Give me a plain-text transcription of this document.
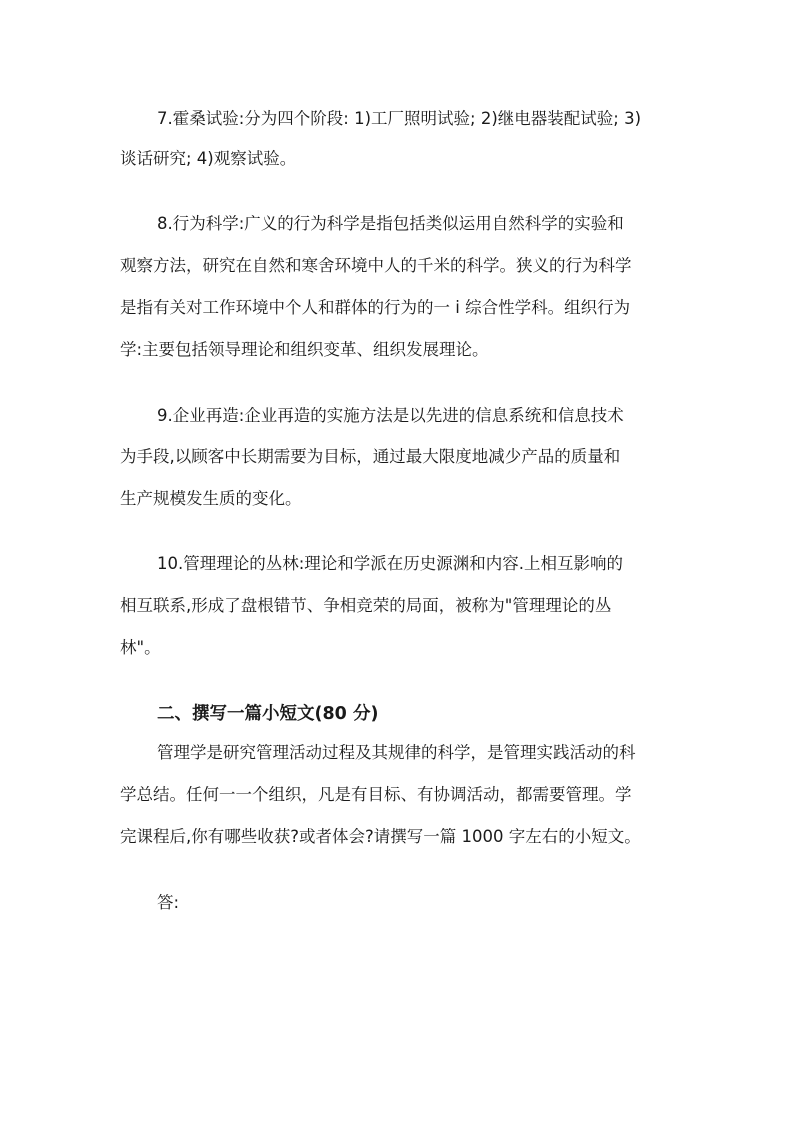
7.霍桑试验:分为四个阶段: 1)工厂照明试验; 2)继电器装配试验; 3)
谈话研究; 4)观察试验。
8.行为科学:广义的行为科学是指包括类似运用自然科学的实验和
观察方法，研究在自然和寒舍环境中人的千米的科学。狭义的行为科学
是指有关对工作环境中个人和群体的行为的一 i 综合性学科。组织行为
学:主要包括领导理论和组织变革、组织发展理论。
9.企业再造:企业再造的实施方法是以先进的信息系统和信息技术
为手段,以顾客中长期需要为目标，通过最大限度地减少产品的质量和
生产规模发生质的变化。
10.管理理论的丛林:理论和学派在历史源渊和内容.上相互影响的
相互联系,形成了盘根错节、争相竞荣的局面，被称为"管理理论的丛
林"。
二、撰写一篇小短文(80 分)
管理学是研究管理活动过程及其规律的科学，是管理实践活动的科
学总结。任何一一个组织，凡是有目标、有协调活动，都需要管理。学
完课程后,你有哪些收获?或者体会?请撰写一篇 1000 字左右的小短文。
答:
